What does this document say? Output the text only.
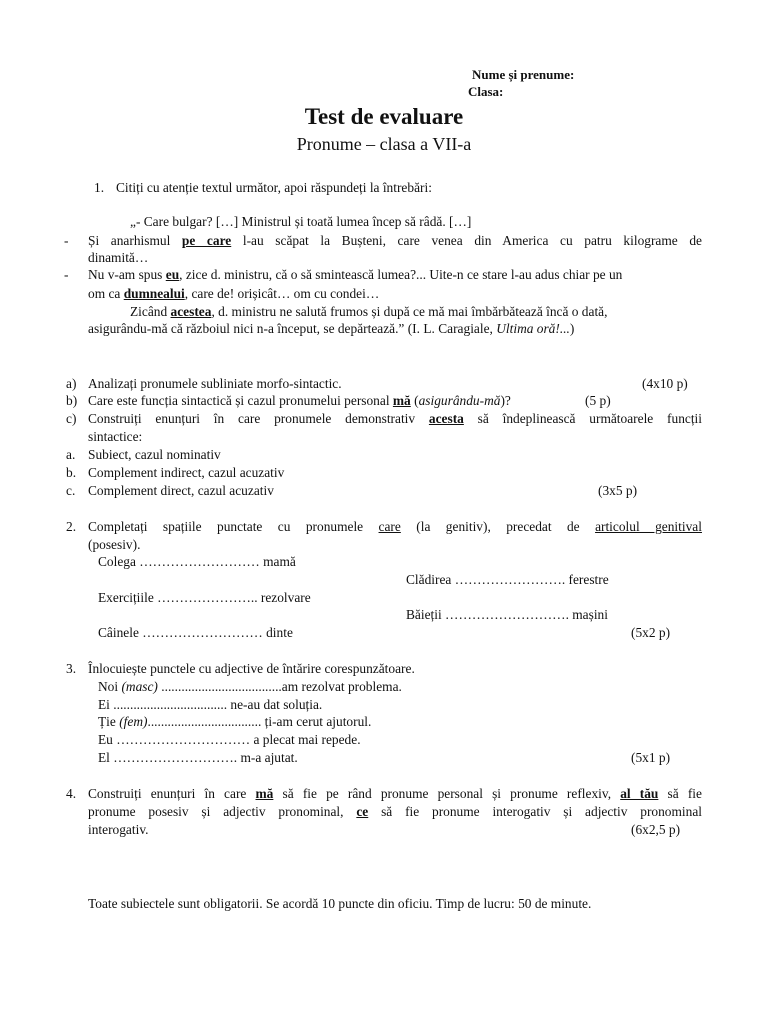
Nume și prenume:
Clasa:
Test de evaluare
Pronume – clasa a VII-a
1. Citiți cu atenție textul următor, apoi răspundeți la întrebări:
„- Care bulgar? […] Ministrul și toată lumea încep să râdă. […]
- Și anarhismul pe care l-au scăpat la Bușteni, care venea din America cu patru kilograme de
dinamită…
- Nu v-am spus eu, zice d. ministru, că o să smintească lumea?... Uite-n ce stare l-au adus chiar pe un
om ca dumnealui, care de! orișicât… om cu condei…
Zicând acestea, d. ministru ne salută frumos și după ce mă mai îmbărbătează încă o dată,
asigurându-mă că războiul nici n-a început, se depărtează.” (I. L. Caragiale, Ultima oră!...)
a) Analizați pronumele subliniate morfo-sintactic.	(4x10 p)
b) Care este funcția sintactică și cazul pronumelui personal mă (asigurându-mă)?	(5 p)
c) Construiți enunțuri în care pronumele demonstrativ acesta să îndeplinească următoarele funcții
sintactice:
a. Subiect, cazul nominativ
b. Complement indirect, cazul acuzativ
c. Complement direct, cazul acuzativ	(3x5 p)
2. Completați spațiile punctate cu pronumele care (la genitiv), precedat de articolul genitival
(posesiv).
Colega ……………………… mamă
Clădirea ……………………. ferestre
Exercițiile ………………….. rezolvare
Băieții ………………………. mașini
Câinele ……………………… dinte	(5x2 p)
3. Înlocuiește punctele cu adjective de întărire corespunzătoare.
Noi (masc) ....................................am rezolvat problema.
Ei .................................. ne-au dat soluția.
Ție (fem).................................. ți-am cerut ajutorul.
Eu ………………………… a plecat mai repede.
El ………………………. m-a ajutat.	(5x1 p)
4. Construiți enunțuri în care mă să fie pe rând pronume personal și pronume reflexiv, al tău să fie
pronume posesiv și adjectiv pronominal, ce să fie pronume interogativ și adjectiv pronominal
interogativ.	(6x2,5 p)
Toate subiectele sunt obligatorii. Se acordă 10 puncte din oficiu. Timp de lucru: 50 de minute.
